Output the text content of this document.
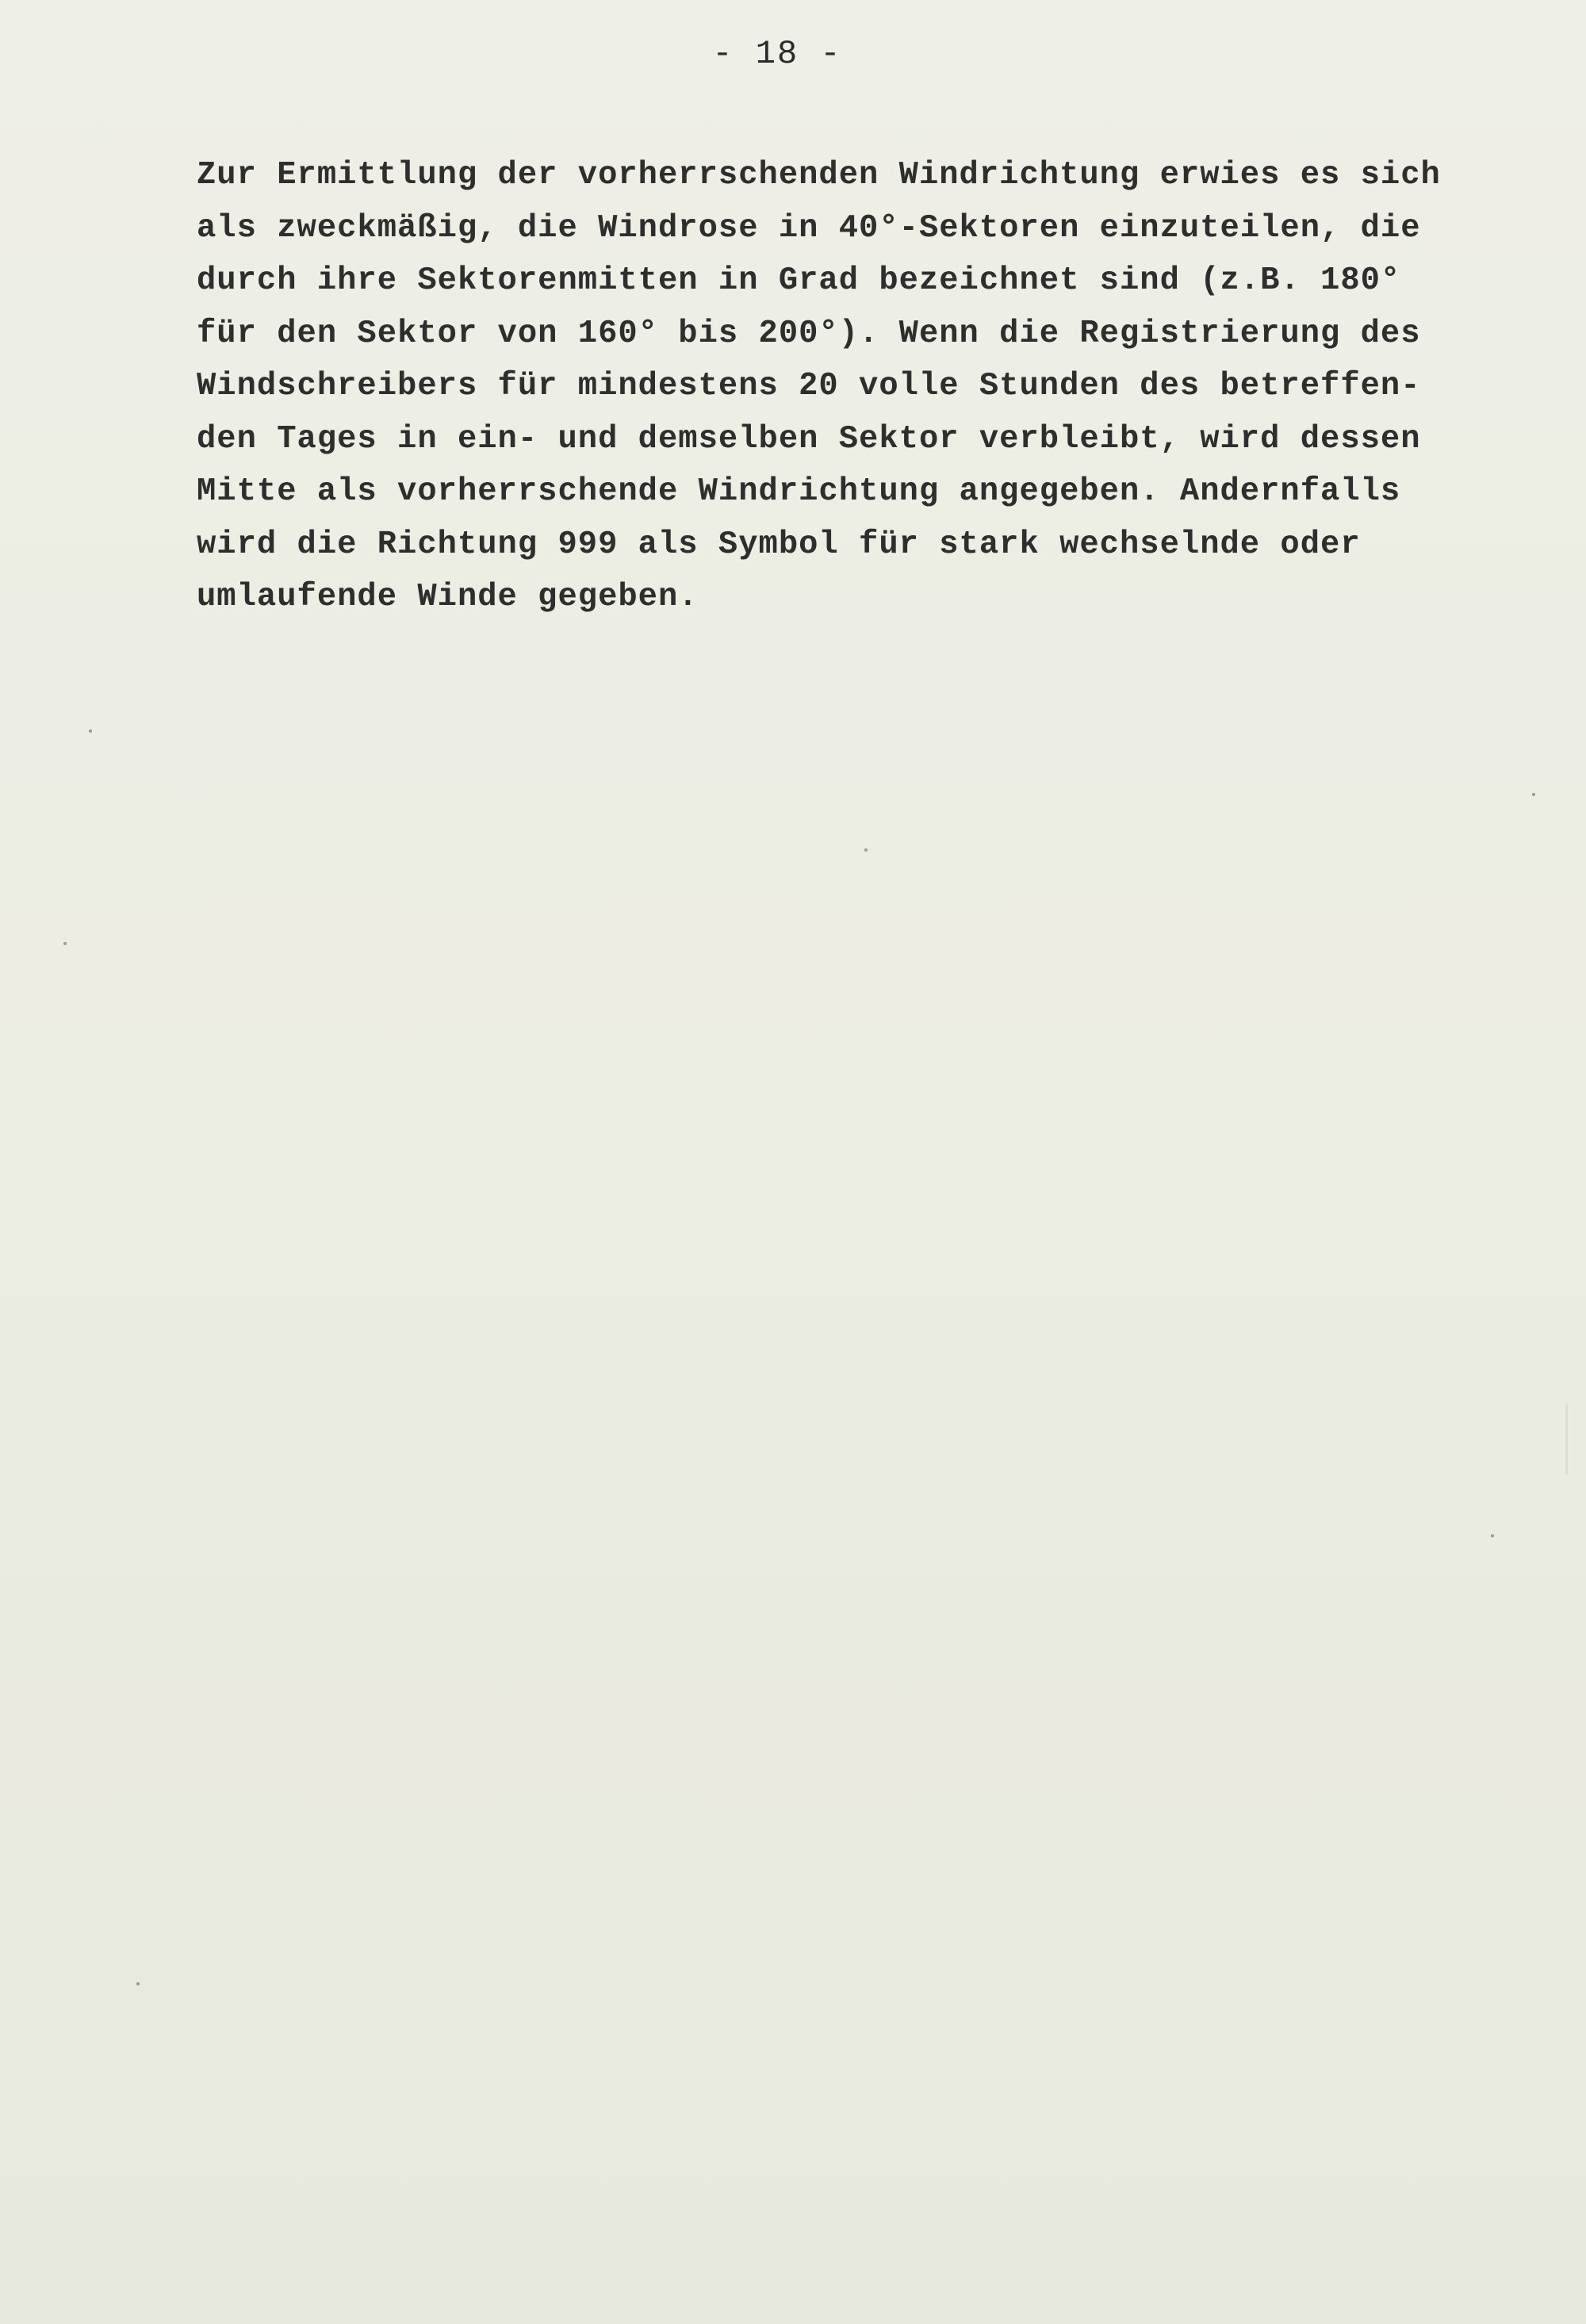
- 18 -
Zur Ermittlung der vorherrschenden Windrichtung erwies es sich
als zweckmäßig, die Windrose in 40°-Sektoren einzuteilen, die
durch ihre Sektorenmitten in Grad bezeichnet sind (z.B. 180°
für den Sektor von 160° bis 200°). Wenn die Registrierung des
Windschreibers für mindestens 20 volle Stunden des betreffen-
den Tages in ein- und demselben Sektor verbleibt, wird dessen
Mitte als vorherrschende Windrichtung angegeben. Andernfalls
wird die Richtung 999 als Symbol für stark wechselnde oder
umlaufende Winde gegeben.
